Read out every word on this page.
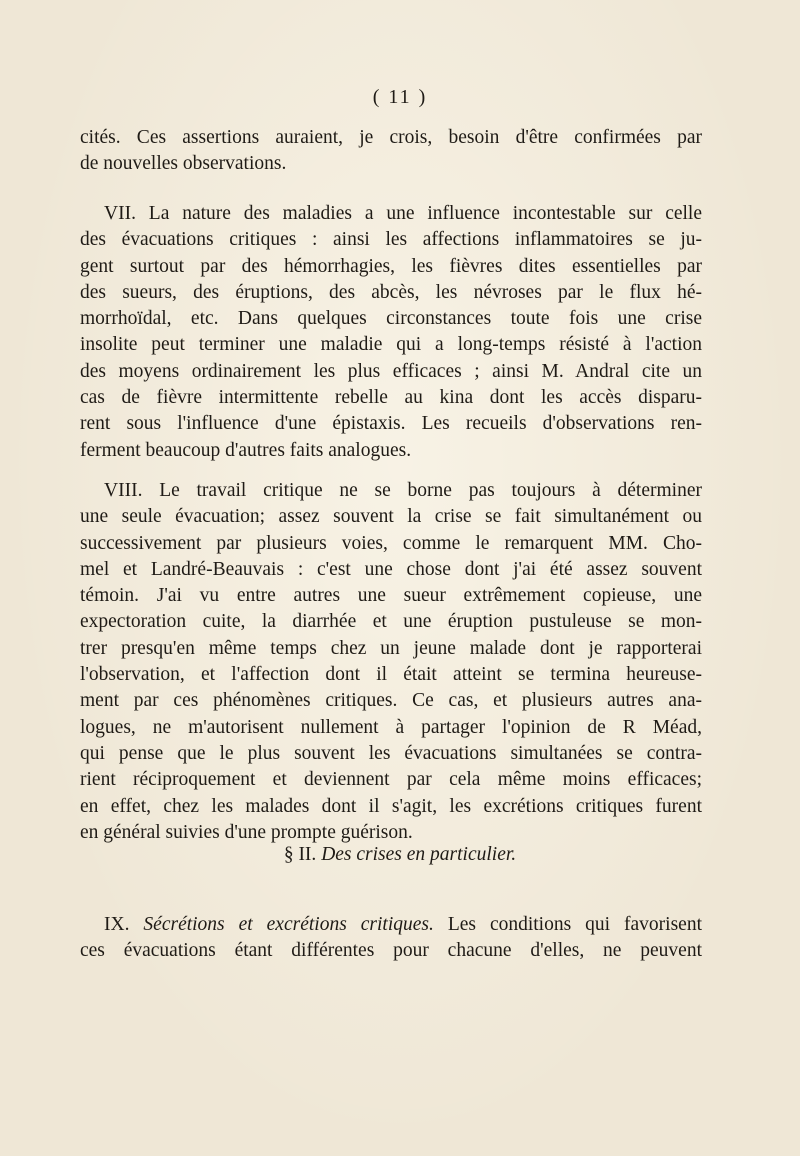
( 11 )
cités. Ces assertions auraient, je crois, besoin d'être confirmées par
de nouvelles observations.
VII. La nature des maladies a une influence incontestable sur celle
des évacuations critiques : ainsi les affections inflammatoires se ju-
gent surtout par des hémorrhagies, les fièvres dites essentielles par
des sueurs, des éruptions, des abcès, les névroses par le flux hé-
morrhoïdal, etc. Dans quelques circonstances toute fois une crise
insolite peut terminer une maladie qui a long-temps résisté à l'action
des moyens ordinairement les plus efficaces ; ainsi M. Andral cite un
cas de fièvre intermittente rebelle au kina dont les accès disparu-
rent sous l'influence d'une épistaxis. Les recueils d'observations ren-
ferment beaucoup d'autres faits analogues.
VIII. Le travail critique ne se borne pas toujours à déterminer
une seule évacuation; assez souvent la crise se fait simultanément ou
successivement par plusieurs voies, comme le remarquent MM. Cho-
mel et Landré-Beauvais : c'est une chose dont j'ai été assez souvent
témoin. J'ai vu entre autres une sueur extrêmement copieuse, une
expectoration cuite, la diarrhée et une éruption pustuleuse se mon-
trer presqu'en même temps chez un jeune malade dont je rapporterai
l'observation, et l'affection dont il était atteint se termina heureuse-
ment par ces phénomènes critiques. Ce cas, et plusieurs autres ana-
logues, ne m'autorisent nullement à partager l'opinion de R Méad,
qui pense que le plus souvent les évacuations simultanées se contra-
rient réciproquement et deviennent par cela même moins efficaces;
en effet, chez les malades dont il s'agit, les excrétions critiques furent
en général suivies d'une prompte guérison.
§ II. Des crises en particulier.
IX. Sécrétions et excrétions critiques. Les conditions qui favorisent
ces évacuations étant différentes pour chacune d'elles, ne peuvent
